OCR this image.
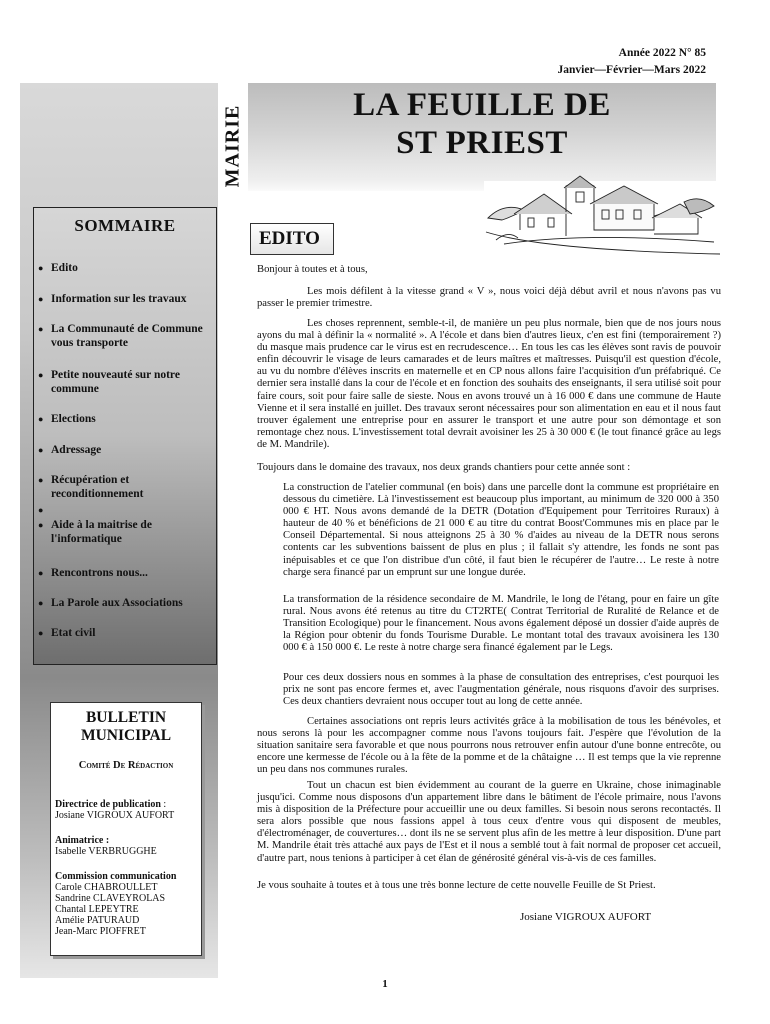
Année 2022 N° 85
Janvier—Février—Mars 2022
MAIRIE	LA FEUILLE DE
ST PRIEST
SOMMAIRE
● Edito
● Information sur les travaux
● La Communauté de Commune vous transporte
● Petite nouveauté sur notre commune
● Elections
● Adressage
● Récupération et reconditionnement
●
● Aide à la maitrise de l'informatique
● Rencontrons nous...
● La Parole aux Associations
● Etat civil
BULLETIN MUNICIPAL
Comité De Rédaction
Directrice de publication :
Josiane VIGROUX AUFORT
Animatrice :
Isabelle VERBRUGGHE
Commission communication
Carole CHABROULLET
Sandrine CLAVEYROLAS
Chantal LEPEYTRE
Amélie PATURAUD
Jean-Marc PIOFFRET
EDITO
Bonjour à toutes et à tous,
Les mois défilent à la vitesse grand « V », nous voici déjà début avril et nous n'avons pas vu passer le premier trimestre.
Les choses reprennent, semble-t-il, de manière un peu plus normale, bien que de nos jours nous ayons du mal à définir la « normalité ». A l'école et dans bien d'autres lieux, c'en est fini (temporairement ?) du masque mais prudence car le virus est en recrudescence… En tous les cas les élèves sont ravis de pouvoir enfin découvrir le visage de leurs camarades et de leurs maîtres et maîtresses. Puisqu'il est question d'école, au vu du nombre d'élèves inscrits en maternelle et en CP nous allons faire l'acquisition d'un préfabriqué. Ce dernier sera installé dans la cour de l'école et en fonction des souhaits des enseignants, il sera utilisé soit pour faire cours, soit pour faire salle de sieste. Nous en avons trouvé un à 16 000 € dans une commune de Haute Vienne et il sera installé en juillet. Des travaux seront nécessaires pour son alimentation en eau et il nous faut trouver également une entreprise pour en assurer le transport et une autre pour son démontage et son remontage chez nous. L'investissement total devrait avoisiner les 25 à 30 000 € (le tout financé grâce au legs de M. Mandrile).
Toujours dans le domaine des travaux, nos deux grands chantiers pour cette année sont :
La construction de l'atelier communal (en bois) dans une parcelle dont la commune est propriétaire en dessous du cimetière. Là l'investissement est beaucoup plus important, au minimum de 320 000 à 350 000 € HT. Nous avons demandé de la DETR (Dotation d'Equipement pour Territoires Ruraux) à hauteur de 40 % et bénéficions de 21 000 € au titre du contrat Boost'Communes mis en place par le Conseil Départemental. Si nous atteignons 25 à 30 % d'aides au niveau de la DETR nous serons contents car les subventions baissent de plus en plus ; il fallait s'y attendre, les fonds ne sont pas inépuisables et ce que l'on distribue d'un côté, il faut bien le récupérer de l'autre… Le reste à notre charge sera financé par un emprunt sur une longue durée.
La transformation de la résidence secondaire de M. Mandrile, le long de l'étang, pour en faire un gîte rural. Nous avons été retenus au titre du CT2RTE( Contrat Territorial de Ruralité de Relance et de Transition Ecologique) pour le financement. Nous avons également déposé un dossier d'aide auprès de la Région pour obtenir du fonds Tourisme Durable. Le montant total des travaux avoisinera les 130 000 € à 150 000 €. Le reste à notre charge sera financé également par le Legs.
Pour ces deux dossiers nous en sommes à la phase de consultation des entreprises, c'est pourquoi les prix ne sont pas encore fermes et, avec l'augmentation générale, nous risquons d'avoir des surprises. Ces deux chantiers devraient nous occuper tout au long de cette année.
Certaines associations ont repris leurs activités grâce à la mobilisation de tous les bénévoles, et nous serons là pour les accompagner comme nous l'avons toujours fait. J'espère que l'évolution de la situation sanitaire sera favorable et que nous pourrons nous retrouver enfin autour d'une bonne entrecôte, ou encore une kermesse de l'école ou à la fête de la pomme et de la châtaigne … Il est temps que la vie reprenne un peu dans nos communes rurales.
Tout un chacun est bien évidemment au courant de la guerre en Ukraine, chose inimaginable jusqu'ici. Comme nous disposons d'un appartement libre dans le bâtiment de l'école primaire, nous l'avons mis à disposition de la Préfecture pour accueillir une ou deux familles. Si besoin nous serons recontactés. Il sera alors possible que nous fassions appel à tous ceux d'entre vous qui disposent de meubles, d'électroménager, de couvertures… dont ils ne se servent plus afin de les mettre à leur disposition. D'une part M. Mandrile était très attaché aux pays de l'Est et il nous a semblé tout à fait normal de proposer cet accueil, d'autre part, nous tenions à participer à cet élan de générosité général vis-à-vis de ces familles.
Je vous souhaite à toutes et à tous une très bonne lecture de cette nouvelle Feuille de St Priest.
Josiane VIGROUX AUFORT
1
